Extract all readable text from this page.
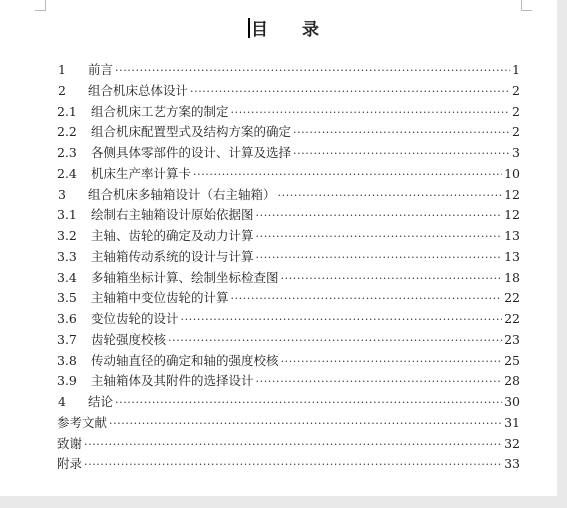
目 录
1	前言 ·····	1
2	组合机床总体设计 ·····	2
2.1	组合机床工艺方案的制定 ·····	2
2.2	组合机床配置型式及结构方案的确定 ·····	2
2.3	各侧具体零部件的设计、计算及选择 ·····	3
2.4	机床生产率计算卡 ·····	10
3	组合机床多轴箱设计（右主轴箱） ·····	12
3.1	绘制右主轴箱设计原始依据图 ·····	12
3.2	主轴、齿轮的确定及动力计算 ·····	13
3.3	主轴箱传动系统的设计与计算 ·····	13
3.4	多轴箱坐标计算、绘制坐标检查图 ·····	18
3.5	主轴箱中变位齿轮的计算 ·····	22
3.6	变位齿轮的设计 ·····	22
3.7	齿轮强度校核 ·····	23
3.8	传动轴直径的确定和轴的强度校核 ·····	25
3.9	主轴箱体及其附件的选择设计 ·····	28
4	结论 ·····	30
参考文献 ·····	31
致谢 ·····	32
附录 ·····	33
